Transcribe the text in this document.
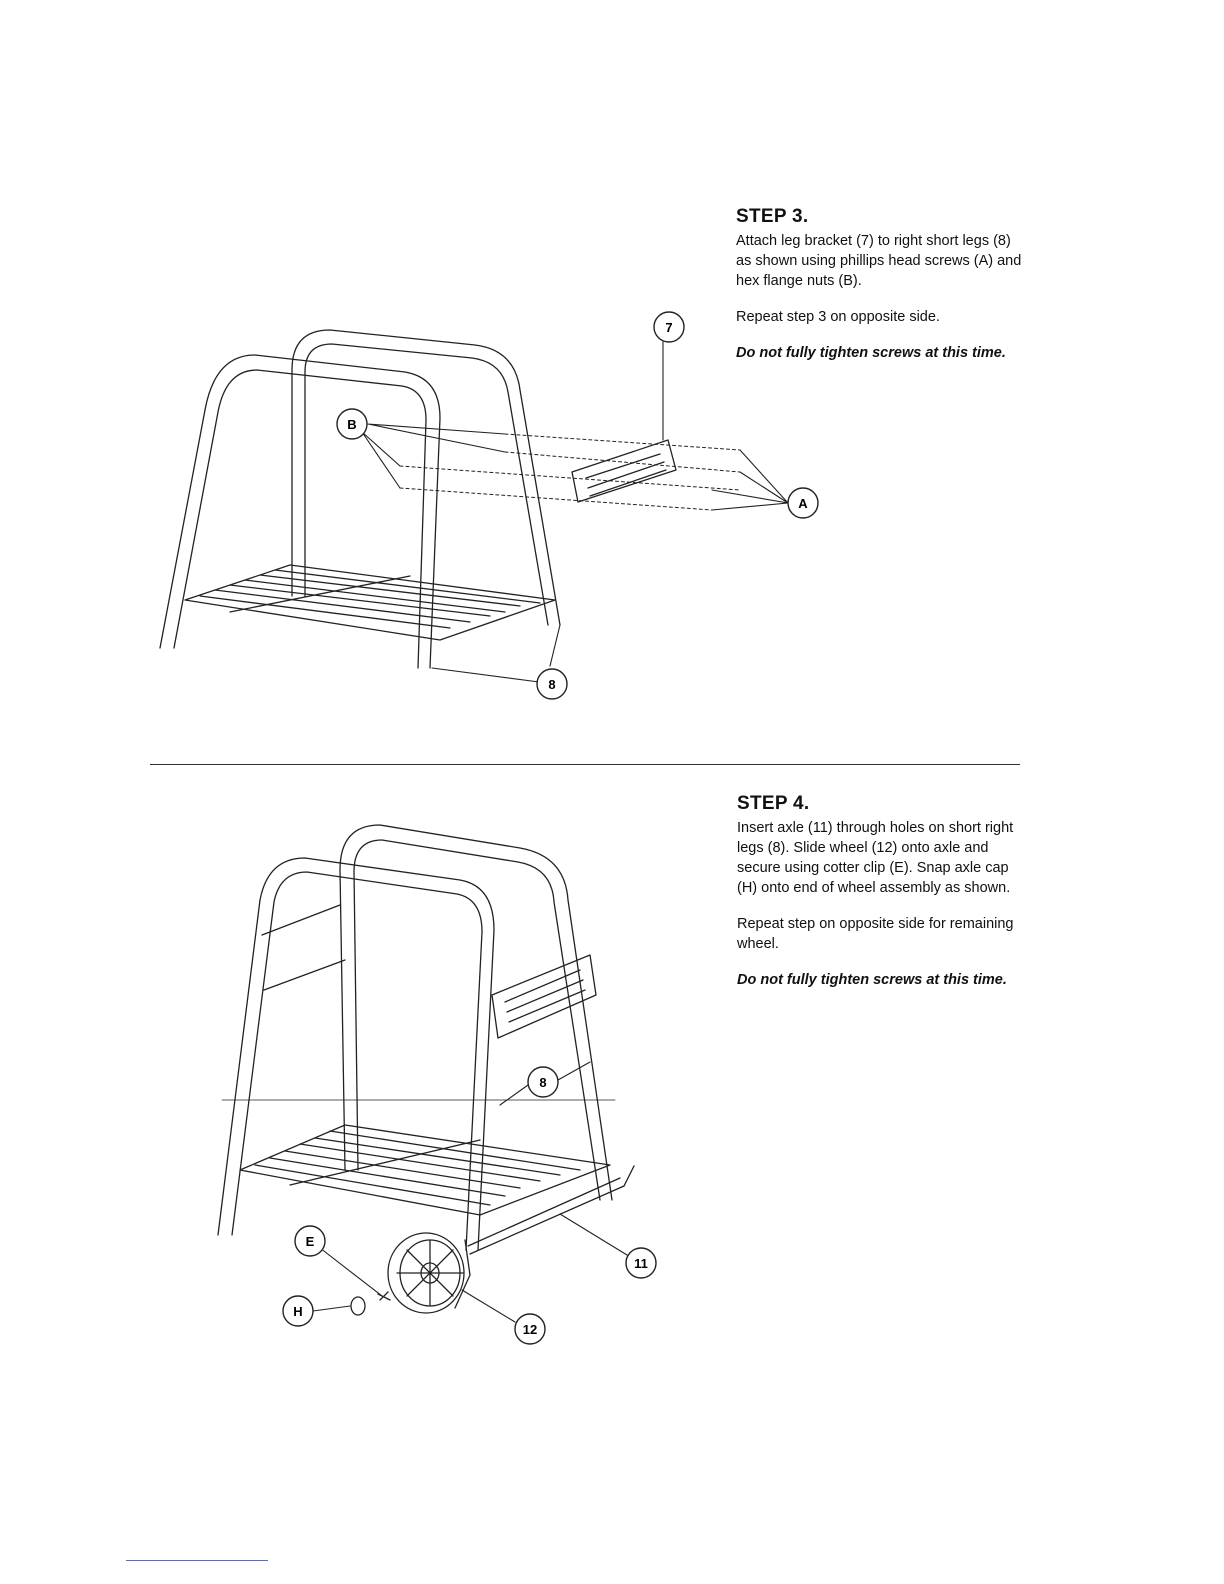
STEP 3.
Attach leg bracket (7) to right short legs (8) as shown using phillips head screws (A) and hex flange nuts (B).
Repeat step 3 on opposite side.
Do not fully tighten screws at this time.
STEP 4.
Insert axle (11) through holes on short right legs (8). Slide wheel (12) onto axle and secure using cotter clip (E). Snap axle cap (H) onto end of wheel assembly as shown.
Repeat step on opposite side for remaining wheel.
Do not fully tighten screws at this time.
7
B
A
8
8
E
H
12
11
